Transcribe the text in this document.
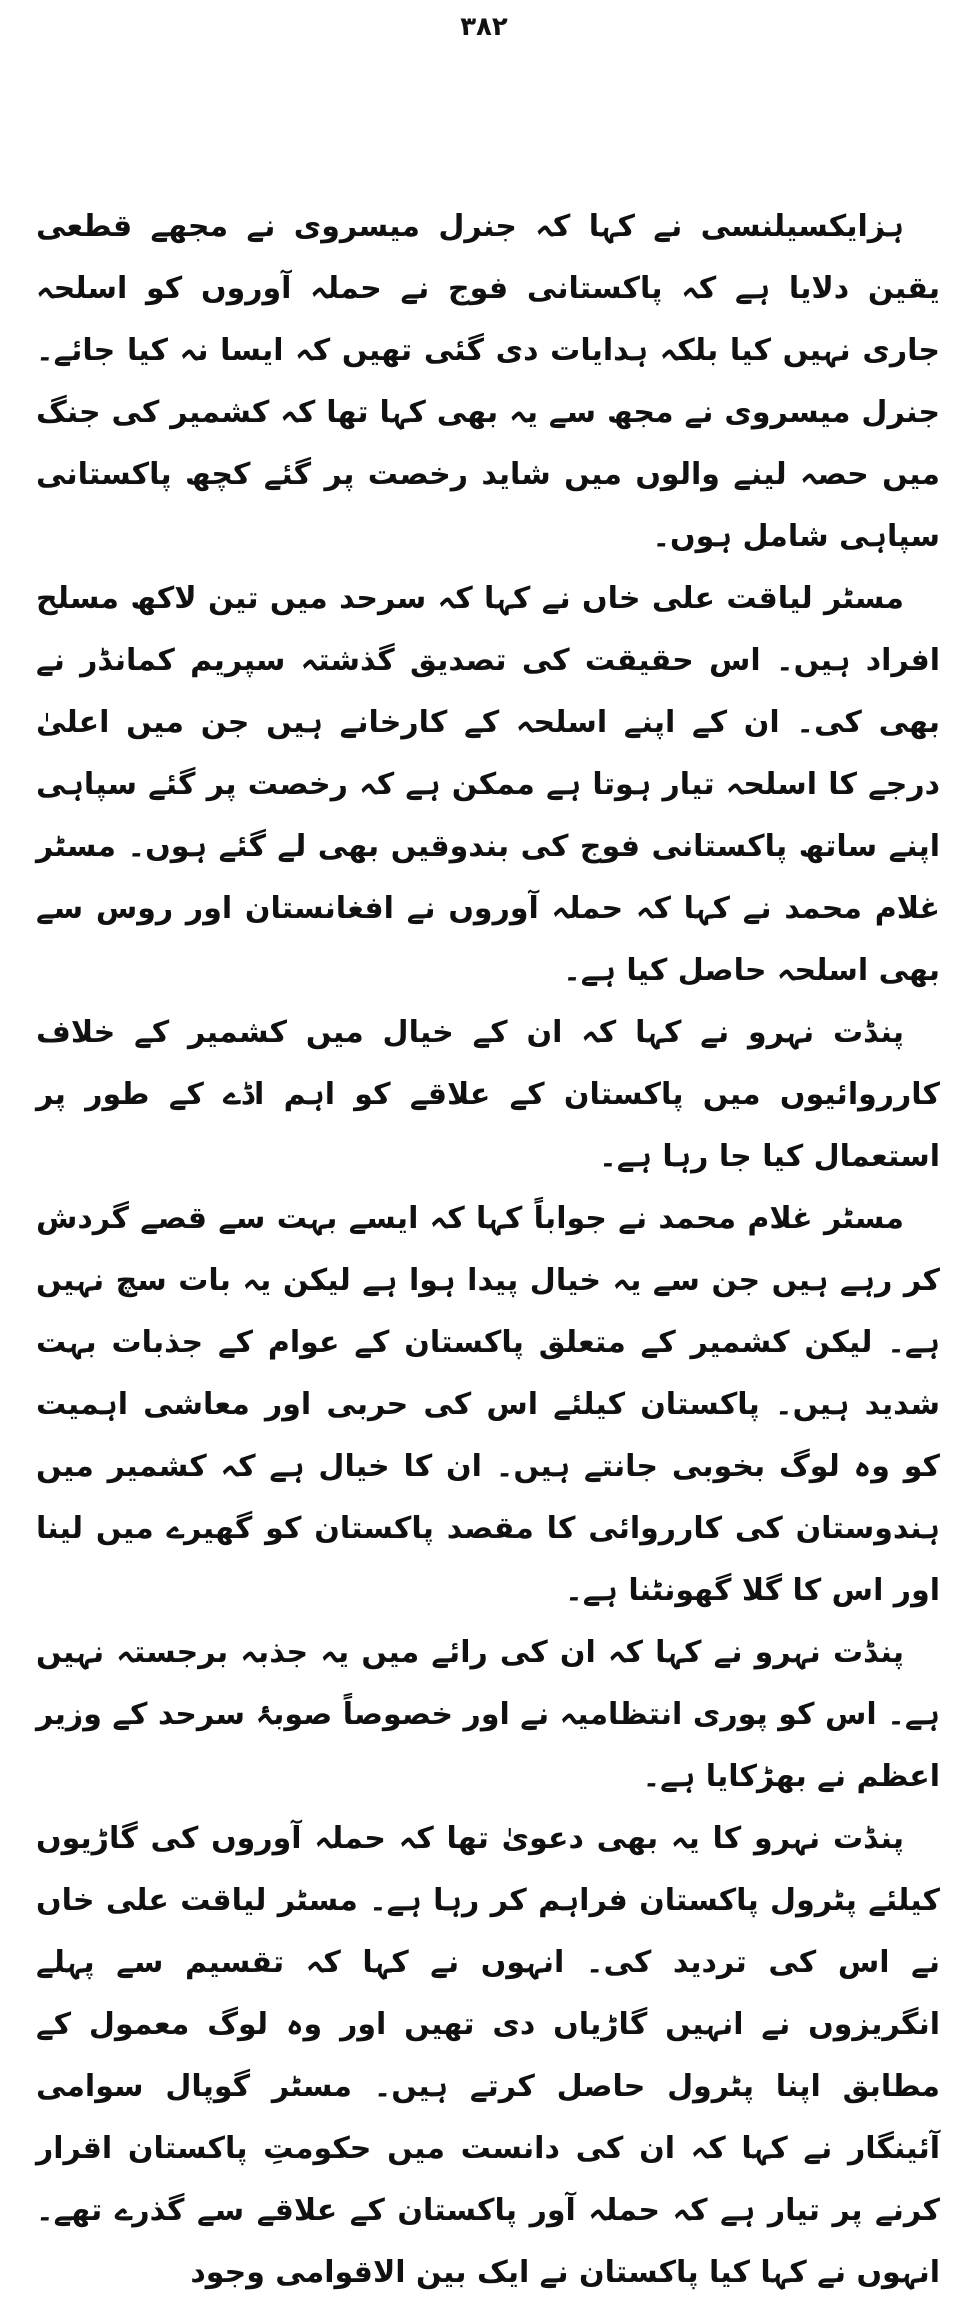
۳۸۲

ہزایکسیلنسی نے کہا کہ جنرل میسروی نے مجھے قطعی یقین دلایا ہے کہ پاکستانی فوج نے حملہ آوروں کو اسلحہ جاری نہیں کیا بلکہ ہدایات دی گئی تھیں کہ ایسا نہ کیا جائے۔ جنرل میسروی نے مجھ سے یہ بھی کہا تھا کہ کشمیر کی جنگ میں حصہ لینے والوں میں شاید رخصت پر گئے کچھ پاکستانی سپاہی شامل ہوں۔

مسٹر لیاقت علی خاں نے کہا کہ سرحد میں تین لاکھ مسلح افراد ہیں۔ اس حقیقت کی تصدیق گذشتہ سپریم کمانڈر نے بھی کی۔ ان کے اپنے اسلحہ کے کارخانے ہیں جن میں اعلیٰ درجے کا اسلحہ تیار ہوتا ہے ممکن ہے کہ رخصت پر گئے سپاہی اپنے ساتھ پاکستانی فوج کی بندوقیں بھی لے گئے ہوں۔ مسٹر غلام محمد نے کہا کہ حملہ آوروں نے افغانستان اور روس سے بھی اسلحہ حاصل کیا ہے۔

پنڈت نہرو نے کہا کہ ان کے خیال میں کشمیر کے خلاف کارروائیوں میں پاکستان کے علاقے کو اہم اڈے کے طور پر استعمال کیا جا رہا ہے۔

مسٹر غلام محمد نے جواباً کہا کہ ایسے بہت سے قصے گردش کر رہے ہیں جن سے یہ خیال پیدا ہوا ہے لیکن یہ بات سچ نہیں ہے۔ لیکن کشمیر کے متعلق پاکستان کے عوام کے جذبات بہت شدید ہیں۔ پاکستان کیلئے اس کی حربی اور معاشی اہمیت کو وہ لوگ بخوبی جانتے ہیں۔ ان کا خیال ہے کہ کشمیر میں ہندوستان کی کارروائی کا مقصد پاکستان کو گھیرے میں لینا اور اس کا گلا گھونٹنا ہے۔

پنڈت نہرو نے کہا کہ ان کی رائے میں یہ جذبہ برجستہ نہیں ہے۔ اس کو پوری انتظامیہ نے اور خصوصاً صوبۂ سرحد کے وزیر اعظم نے بھڑکایا ہے۔

پنڈت نہرو کا یہ بھی دعویٰ تھا کہ حملہ آوروں کی گاڑیوں کیلئے پٹرول پاکستان فراہم کر رہا ہے۔ مسٹر لیاقت علی خاں نے اس کی تردید کی۔ انہوں نے کہا کہ تقسیم سے پہلے انگریزوں نے انہیں گاڑیاں دی تھیں اور وہ لوگ معمول کے مطابق اپنا پٹرول حاصل کرتے ہیں۔ مسٹر گوپال سوامی آئینگار نے کہا کہ ان کی دانست میں حکومتِ پاکستان اقرار کرنے پر تیار ہے کہ حملہ آور پاکستان کے علاقے سے گذرے تھے۔ انہوں نے کہا کیا پاکستان نے ایک بین الاقوامی وجود
